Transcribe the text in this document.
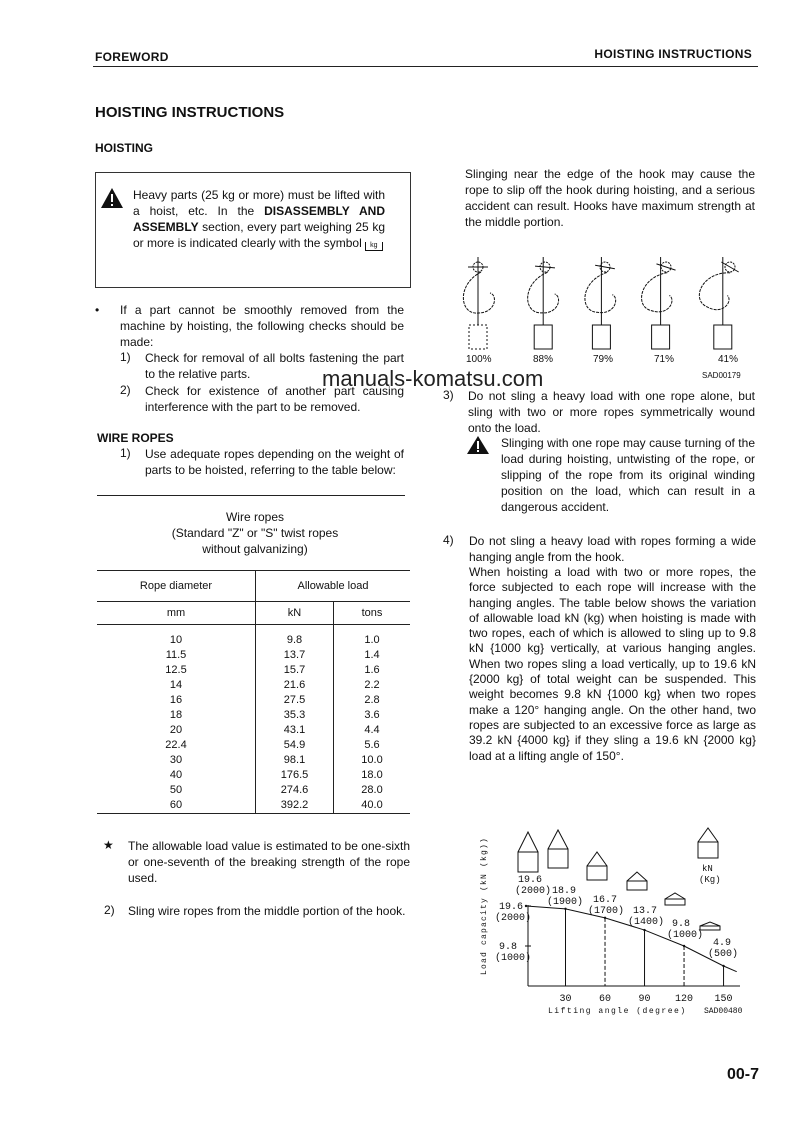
FOREWORD	HOISTING INSTRUCTIONS
HOISTING INSTRUCTIONS
HOISTING
Heavy parts (25 kg or more) must be lifted with a hoist, etc. In the DISASSEMBLY AND ASSEMBLY section, every part weighing 25 kg or more is indicated clearly with the symbol kg
• If a part cannot be smoothly removed from the machine by hoisting, the following checks should be made:
1) Check for removal of all bolts fastening the part to the relative parts.
2) Check for existence of another part causing interference with the part to be removed.
manuals-komatsu.com
WIRE ROPES
1) Use adequate ropes depending on the weight of parts to be hoisted, referring to the table below:
Wire ropes
(Standard "Z" or "S" twist ropes
without galvanizing)
Rope diameter	Allowable load	
mm	kN	tons
10	9.8	1.0
11.5	13.7	1.4
12.5	15.7	1.6
14	21.6	2.2
16	27.5	2.8
18	35.3	3.6
20	43.1	4.4
22.4	54.9	5.6
30	98.1	10.0
40	176.5	18.0
50	274.6	28.0
60	392.2	40.0
★ The allowable load value is estimated to be one-sixth or one-seventh of the breaking strength of the rope used.
2) Sling wire ropes from the middle portion of the hook.
Slinging near the edge of the hook may cause the rope to slip off the hook during hoisting, and a serious accident can result. Hooks have maximum strength at the middle portion.
100%	88%	79%	71%	41%
SAD00179
3) Do not sling a heavy load with one rope alone, but sling with two or more ropes symmetrically wound onto the load.
Slinging with one rope may cause turning of the load during hoisting, untwisting of the rope, or slipping of the rope from its original winding position on the load, which can result in a dangerous accident.
4) Do not sling a heavy load with ropes forming a wide hanging angle from the hook.
When hoisting a load with two or more ropes, the force subjected to each rope will increase with the hanging angles. The table below shows the variation of allowable load kN (kg) when hoisting is made with two ropes, each of which is allowed to sling up to 9.8 kN {1000 kg} vertically, at various hanging angles. When two ropes sling a load vertically, up to 19.6 kN {2000 kg} of total weight can be suspended. This weight becomes 9.8 kN {1000 kg} when two ropes make a 120° hanging angle. On the other hand, two ropes are subjected to an excessive force as large as 39.2 kN {4000 kg} if they sling a 19.6 kN {2000 kg} load at a lifting angle of 150°.
18.9
(1900) 16.7
(1700) 13.7
(1400) 9.8
(1000)
4.9
(500)
19.6
(2000)
19.6
(2000)
9.8
(1000)
30	60	90 120 150
Lifting angle (degree)
Load capacity (kN (kg))
SAD00480
kN
(Kg)
00-7
